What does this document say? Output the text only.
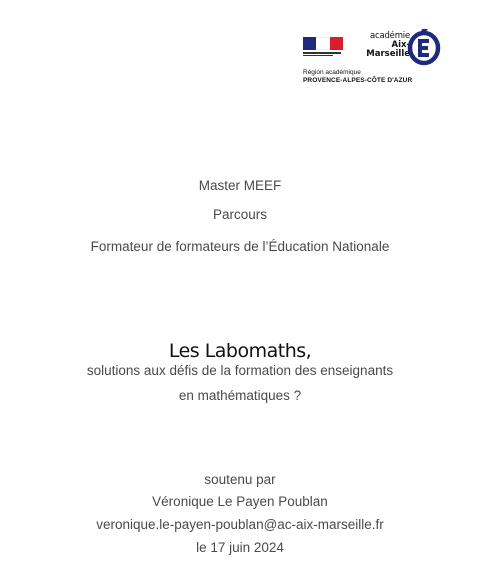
académie
Aix-Marseille
Région académique
PROVENCE-ALPES-CÔTE D'AZUR
Master MEEF
Parcours
Formateur de formateurs de l’Éducation Nationale
Les Labomaths,
solutions aux défis de la formation des enseignants
en mathématiques ?
soutenu par
Véronique Le Payen Poublan
veronique.le-payen-poublan@ac-aix-marseille.fr
le 17 juin 2024
